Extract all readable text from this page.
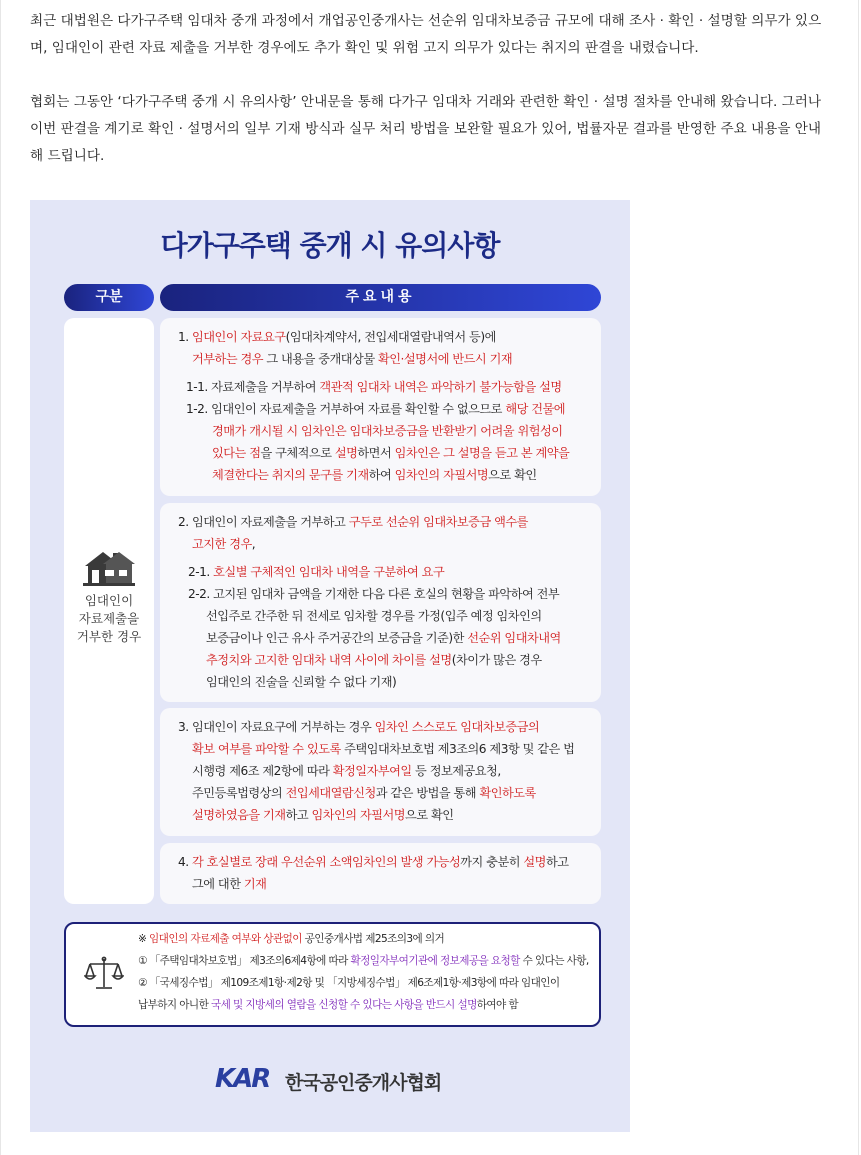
최근 대법원은 다가구주택 임대차 중개 과정에서 개업공인중개사는 선순위 임대차보증금 규모에 대해 조사 · 확인 · 설명할 의무가 있으며, 임대인이 관련 자료 제출을 거부한 경우에도 추가 확인 및 위험 고지 의무가 있다는 취지의 판결을 내렸습니다.

협회는 그동안 ‘다가구주택 중개 시 유의사항’ 안내문을 통해 다가구 임대차 거래와 관련한 확인 · 설명 절차를 안내해 왔습니다. 그러나 이번 판결을 계기로 확인 · 설명서의 일부 기재 방식과 실무 처리 방법을 보완할 필요가 있어, 법률자문 결과를 반영한 주요 내용을 안내해 드립니다.

다가구주택 중개 시 유의사항
구분	주요내용
임대인이
자료제출을
거부한 경우
1. 임대인이 자료요구(임대차계약서, 전입세대열람내역서 등)에
거부하는 경우 그 내용을 중개대상물 확인·설명서에 반드시 기재
1-1. 자료제출을 거부하여 객관적 임대차 내역은 파악하기 불가능함을 설명
1-2. 임대인이 자료제출을 거부하여 자료를 확인할 수 없으므로 해당 건물에
경매가 개시될 시 임차인은 임대차보증금을 반환받기 어려울 위험성이
있다는 점을 구체적으로 설명하면서 임차인은 그 설명을 듣고 본 계약을
체결한다는 취지의 문구를 기재하여 임차인의 자필서명으로 확인
2. 임대인이 자료제출을 거부하고 구두로 선순위 임대차보증금 액수를
고지한 경우,
2-1. 호실별 구체적인 임대차 내역을 구분하여 요구
2-2. 고지된 임대차 금액을 기재한 다음 다른 호실의 현황을 파악하여 전부
선입주로 간주한 뒤 전세로 임차할 경우를 가정(입주 예정 임차인의
보증금이나 인근 유사 주거공간의 보증금을 기준)한 선순위 임대차내역
추정치와 고지한 임대차 내역 사이에 차이를 설명(차이가 많은 경우
임대인의 진술을 신뢰할 수 없다 기재)
3. 임대인이 자료요구에 거부하는 경우 임차인 스스로도 임대차보증금의
확보 여부를 파악할 수 있도록 주택임대차보호법 제3조의6 제3항 및 같은 법
시행령 제6조 제2항에 따라 확정일자부여일 등 정보제공요청,
주민등록법령상의 전입세대열람신청과 같은 방법을 통해 확인하도록
설명하였음을 기재하고 임차인의 자필서명으로 확인
4. 각 호실별로 장래 우선순위 소액임차인의 발생 가능성까지 충분히 설명하고
그에 대한 기재
※ 임대인의 자료제출 여부와 상관없이 공인중개사법 제25조의3에 의거
① 「주택임대차보호법」 제3조의6제4항에 따라 확정일자부여기관에 정보제공을 요청할 수 있다는 사항,
② 「국세징수법」 제109조제1항·제2항 및 「지방세징수법」 제6조제1항·제3항에 따라 임대인이
납부하지 아니한 국세 및 지방세의 열람을 신청할 수 있다는 사항을 반드시 설명하여야 함
KAR 한국공인중개사협회
